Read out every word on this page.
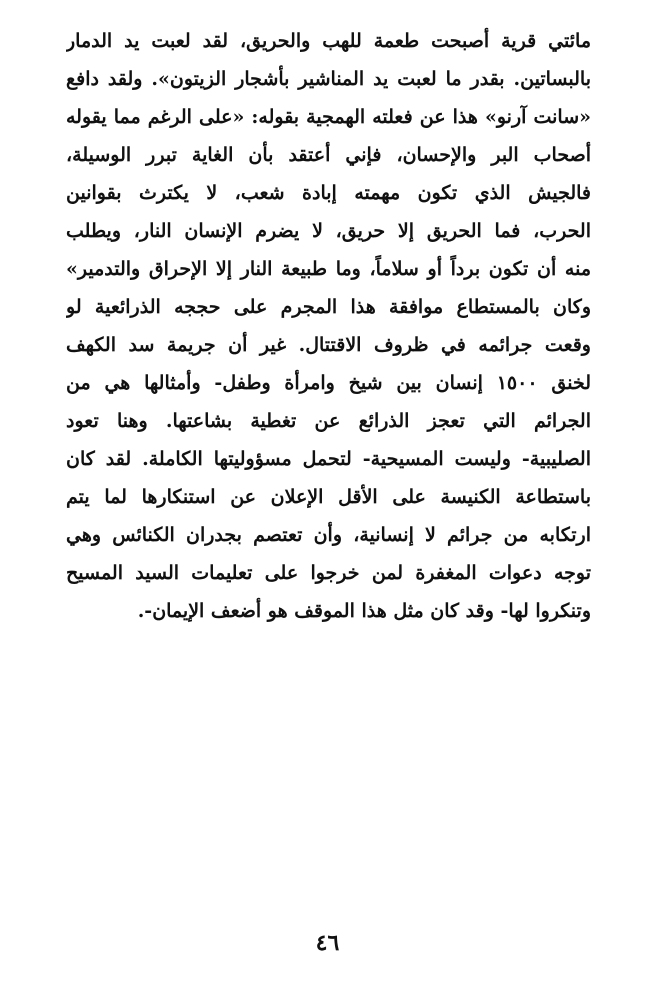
مائتي قرية أصبحت طعمة للهب والحريق، لقد لعبت يد الدمار
بالبساتين. بقدر ما لعبت يد المناشير بأشجار الزيتون». ولقد دافع
«سانت آرنو» هذا عن فعلته الهمجية بقوله: «على الرغم مما يقوله
أصحاب البر والإحسان، فإني أعتقد بأن الغاية تبرر الوسيلة،
فالجيش الذي تكون مهمته إبادة شعب، لا يكترث بقوانين
الحرب، فما الحريق إلا حريق، لا يضرم الإنسان النار، ويطلب
منه أن تكون برداً أو سلاماً، وما طبيعة النار إلا الإحراق والتدمير»
وكان بالمستطاع موافقة هذا المجرم على حججه الذرائعية لو
وقعت جرائمه في ظروف الاقتتال. غير أن جريمة سد الكهف
لخنق ١٥٠٠ إنسان بين شيخ وامرأة وطفل- وأمثالها هي من
الجرائم التي تعجز الذرائع عن تغطية بشاعتها. وهنا تعود
الصليبية- وليست المسيحية- لتحمل مسؤوليتها الكاملة. لقد كان
باستطاعة الكنيسة على الأقل الإعلان عن استنكارها لما يتم
ارتكابه من جرائم لا إنسانية، وأن تعتصم بجدران الكنائس وهي
توجه دعوات المغفرة لمن خرجوا على تعليمات السيد المسيح
وتنكروا لها- وقد كان مثل هذا الموقف هو أضعف الإيمان-.
٤٦
